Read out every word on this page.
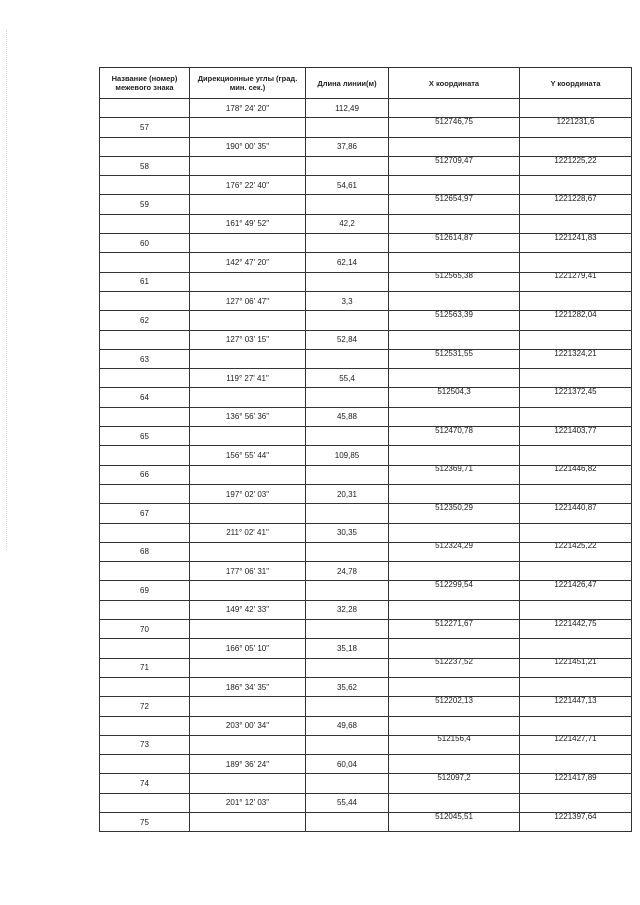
Название (номер) межевого знака	Дирекционные углы (град. мин. сек.)	Длина линии(м)	X координата	Y координата
	178° 24' 20"	112,49		
57			512746,75	1221231,6
	190° 00' 35"	37,86		
58			512709,47	1221225,22
	176° 22' 40"	54,61		
59			512654,97	1221228,67
	161° 49' 52"	42,2		
60			512614,87	1221241,83
	142° 47' 20"	62,14		
61			512565,38	1221279,41
	127° 06' 47"	3,3		
62			512563,39	1221282,04
	127° 03' 15"	52,84		
63			512531,55	1221324,21
	119° 27' 41"	55,4		
64			512504,3	1221372,45
	136° 56' 36"	45,88		
65			512470,78	1221403,77
	156° 55' 44"	109,85		
66			512369,71	1221446,82
	197° 02' 03"	20,31		
67			512350,29	1221440,87
	211° 02' 41"	30,35		
68			512324,29	1221425,22
	177° 06' 31"	24,78		
69			512299,54	1221426,47
	149° 42' 33"	32,28		
70			512271,67	1221442,75
	166° 05' 10"	35,18		
71			512237,52	1221451,21
	186° 34' 35"	35,62		
72			512202,13	1221447,13
	203° 00' 34"	49,68		
73			512156,4	1221427,71
	189° 36' 24"	60,04		
74			512097,2	1221417,89
	201° 12' 03"	55,44		
75			512045,51	1221397,64
